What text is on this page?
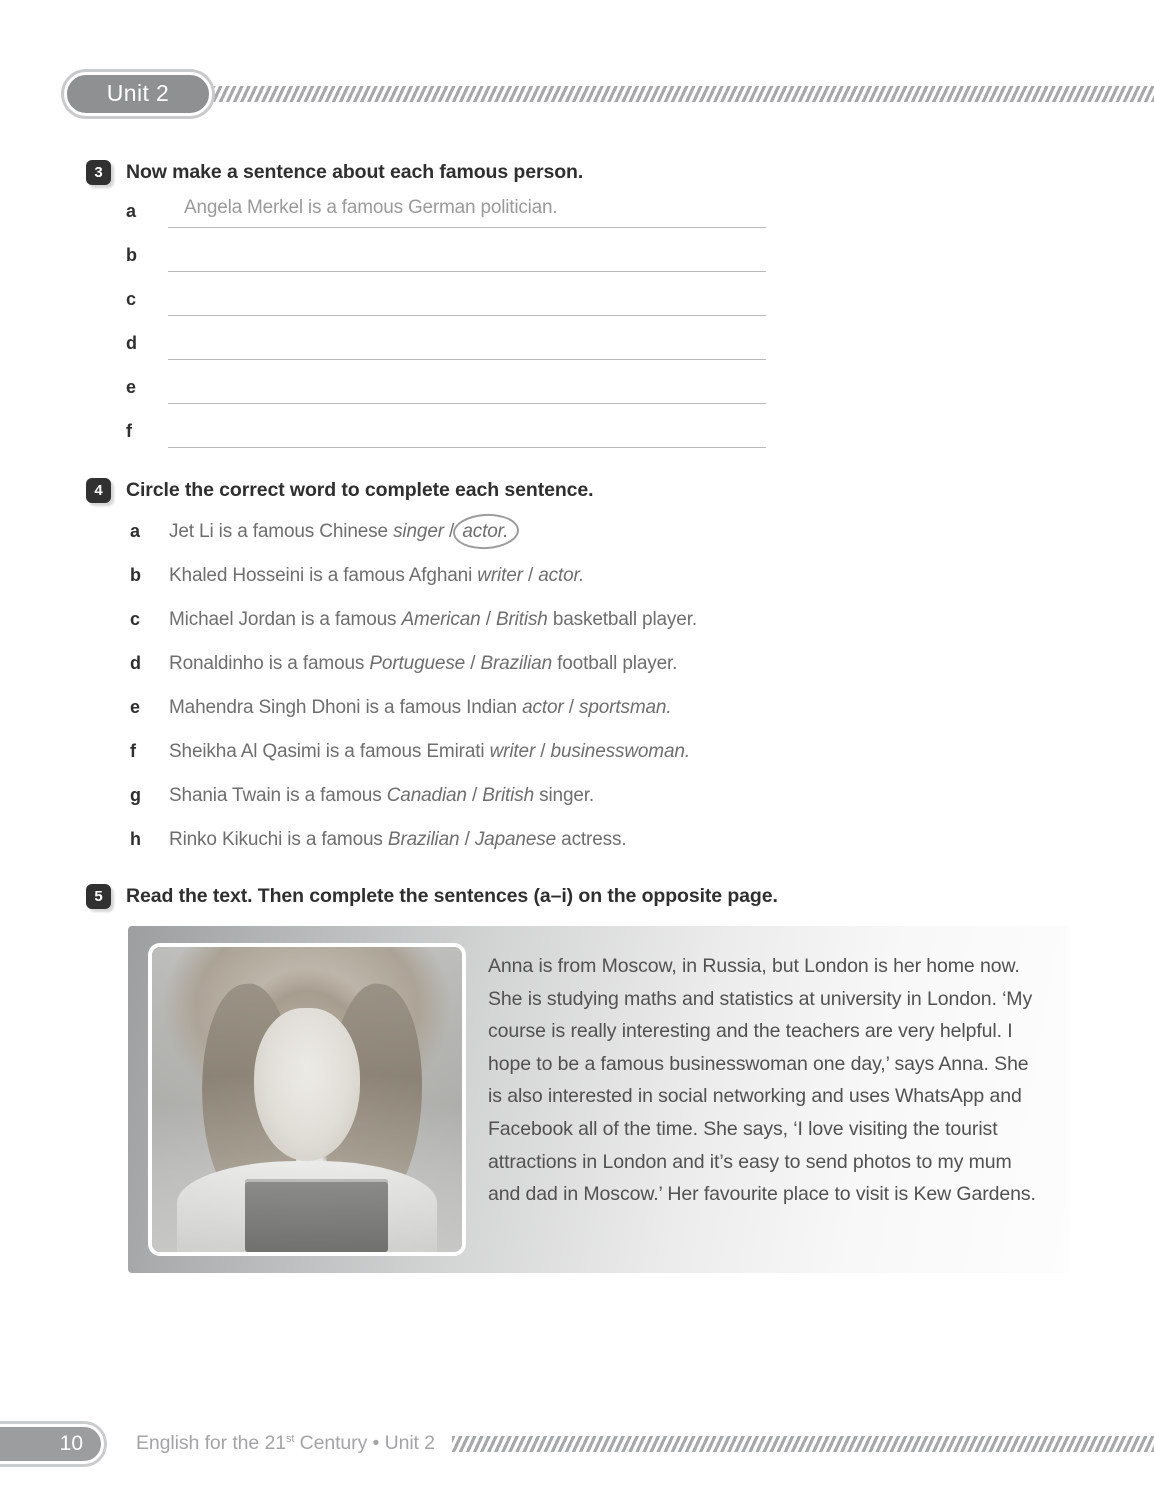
Unit 2
3	Now make a sentence about each famous person.
a	Angela Merkel is a famous German politician.
b
c
d
e
f
4	Circle the correct word to complete each sentence.
a	Jet Li is a famous Chinese singer / actor.
b	Khaled Hosseini is a famous Afghani writer / actor.
c	Michael Jordan is a famous American / British basketball player.
d	Ronaldinho is a famous Portuguese / Brazilian football player.
e	Mahendra Singh Dhoni is a famous Indian actor / sportsman.
f	Sheikha Al Qasimi is a famous Emirati writer / businesswoman.
g	Shania Twain is a famous Canadian / British singer.
h	Rinko Kikuchi is a famous Brazilian / Japanese actress.
5	Read the text. Then complete the sentences (a–i) on the opposite page.
Anna is from Moscow, in Russia, but London is her home now. She is studying maths and statistics at university in London. ‘My course is really interesting and the teachers are very helpful. I hope to be a famous businesswoman one day,’ says Anna. She is also interested in social networking and uses WhatsApp and Facebook all of the time. She says, ‘I love visiting the tourist attractions in London and it’s easy to send photos to my mum and dad in Moscow.’ Her favourite place to visit is Kew Gardens.
10	English for the 21st Century • Unit 2
